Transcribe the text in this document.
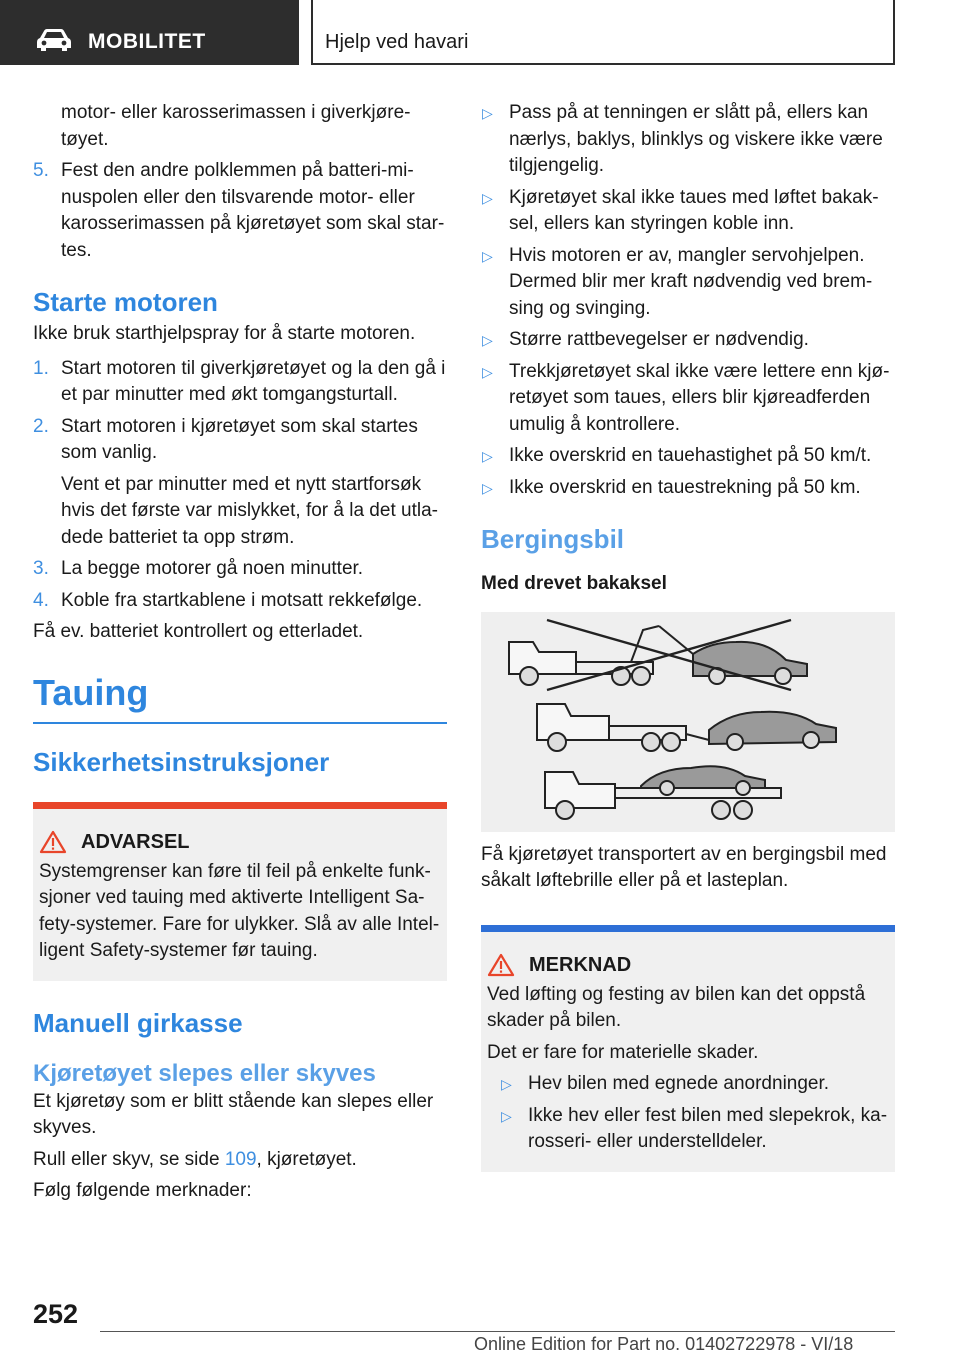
MOBILITET	Hjelp ved havari
motor- eller karosserimassen i giverkjøre-
tøyet.
5. Fest den andre polklemmen på batteri-mi-
nuspolen eller den tilsvarende motor- eller
karosserimassen på kjøretøyet som skal star-
tes.
Starte motoren
Ikke bruk starthjelpspray for å starte motoren.
1. Start motoren til giverkjøretøyet og la den gå i
et par minutter med økt tomgangsturtall.
2. Start motoren i kjøretøyet som skal startes
som vanlig.
Vent et par minutter med et nytt startforsøk
hvis det første var mislykket, for å la det utla-
dede batteriet ta opp strøm.
3. La begge motorer gå noen minutter.
4. Koble fra startkablene i motsatt rekkefølge.
Få ev. batteriet kontrollert og etterladet.
Tauing
Sikkerhetsinstruksjoner
ADVARSEL
Systemgrenser kan føre til feil på enkelte funk-
sjoner ved tauing med aktiverte Intelligent Sa-
fety-systemer. Fare for ulykker. Slå av alle Intel-
ligent Safety-systemer før tauing.
Manuell girkasse
Kjøretøyet slepes eller skyves
Et kjøretøy som er blitt stående kan slepes eller
skyves.
Rull eller skyv, se side 109, kjøretøyet.
Følg følgende merknader:
▷ Pass på at tenningen er slått på, ellers kan
nærlys, baklys, blinklys og viskere ikke være
tilgjengelig.
▷ Kjøretøyet skal ikke taues med løftet bakak-
sel, ellers kan styringen koble inn.
▷ Hvis motoren er av, mangler servohjelpen.
Dermed blir mer kraft nødvendig ved brem-
sing og svinging.
▷ Større rattbevegelser er nødvendig.
▷ Trekkjøretøyet skal ikke være lettere enn kjø-
retøyet som taues, ellers blir kjøreadferden
umulig å kontrollere.
▷ Ikke overskrid en tauehastighet på 50 km/t.
▷ Ikke overskrid en tauestrekning på 50 km.
Bergingsbil
Med drevet bakaksel
Få kjøretøyet transportert av en bergingsbil med
såkalt løftebrille eller på et lasteplan.
MERKNAD
Ved løfting og festing av bilen kan det oppstå
skader på bilen.
Det er fare for materielle skader.
▷ Hev bilen med egnede anordninger.
▷ Ikke hev eller fest bilen med slepekrok, ka-
rosseri- eller understelldeler.
252
Online Edition for Part no. 01402722978 - VI/18
